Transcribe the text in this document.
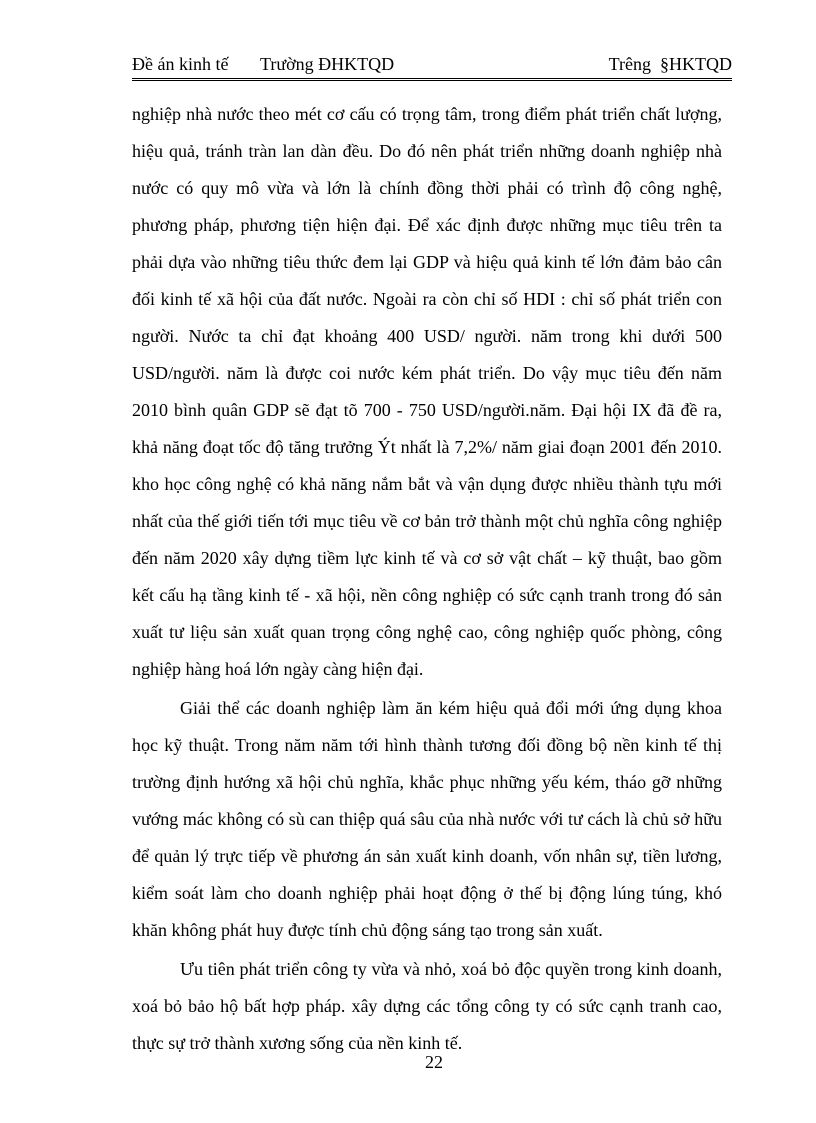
Đề án kinh tế Trường ĐHKTQD	Trêng  §HKTQD

nghiệp nhà nước theo mét cơ cấu có trọng tâm, trong điểm phát triển chất lượng, hiệu quả, tránh tràn lan dàn đều. Do đó nên phát triển những doanh nghiệp nhà nước có quy mô vừa và lớn là chính đồng thời phải có trình độ công nghệ, phương pháp, phương tiện hiện đại. Để xác định được những mục tiêu trên ta phải dựa vào những tiêu thức đem lại GDP và hiệu quả kinh tế lớn đảm bảo cân đối kinh tế xã hội của đất nước. Ngoài ra còn chỉ số HDI : chỉ số phát triển con người. Nước ta chỉ đạt khoảng 400 USD/ người. năm trong khi dưới 500 USD/người. năm là được coi nước kém phát triển. Do vậy mục tiêu đến năm 2010 bình quân GDP sẽ đạt tõ 700 - 750 USD/người.năm. Đại hội IX đã đề ra, khả năng đoạt tốc độ tăng trưởng Ýt nhất là 7,2%/ năm giai đoạn 2001 đến 2010. kho học công nghệ có khả năng nắm bắt và vận dụng được nhiều thành tựu mới nhất của thế giới tiến tới mục tiêu về cơ bản trở thành một chủ nghĩa công nghiệp đến năm 2020 xây dựng tiềm lực kinh tế và cơ sở vật chất – kỹ thuật, bao gồm kết cấu hạ tầng kinh tế - xã hội, nền công nghiệp có sức cạnh tranh trong đó sản xuất tư liệu sản xuất quan trọng công nghệ cao, công nghiệp quốc phòng, công nghiệp hàng hoá lớn ngày càng hiện đại.

Giải thể các doanh nghiệp làm ăn kém hiệu quả đổi mới ứng dụng khoa học kỹ thuật. Trong năm năm tới hình thành tương đối đồng bộ nền kinh tế thị trường định hướng xã hội chủ nghĩa, khắc phục những yếu kém, tháo gỡ những vướng mác không có sù can thiệp quá sâu của nhà nước với tư cách là chủ sở hữu để quản lý trực tiếp về phương án sản xuất kinh doanh, vốn nhân sự, tiền lương, kiểm soát làm cho doanh nghiệp phải hoạt động ở thế bị động lúng túng, khó khăn không phát huy được tính chủ động sáng tạo trong sản xuất.

Ưu tiên phát triển công ty vừa và nhỏ, xoá bỏ độc quyền trong kinh doanh, xoá bỏ bảo hộ bất hợp pháp. xây dựng các tổng công ty có sức cạnh tranh cao, thực sự trở thành xương sống của nền kinh tế.

22
